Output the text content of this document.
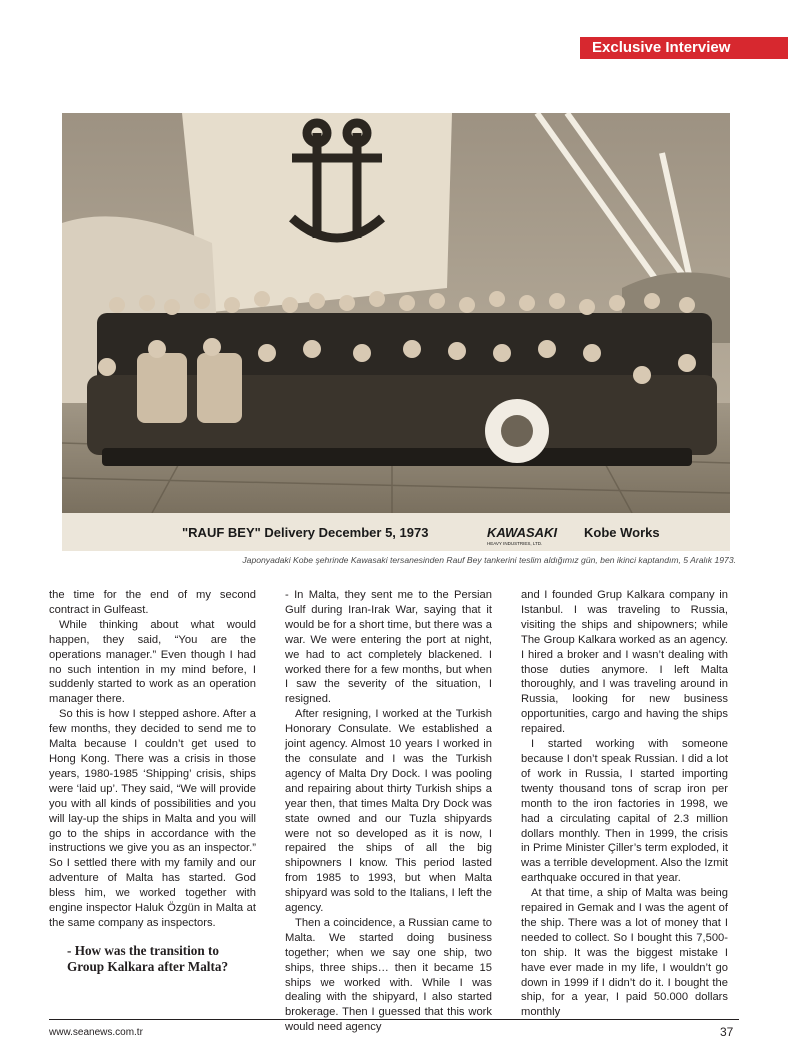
Exclusive Interview
"RAUF BEY" Delivery December 5, 1973	KAWASAKI
HEAVY INDUSTRIES, LTD.
Kobe Works
Japonyadaki Kobe şehrinde Kawasaki tersanesinden Rauf Bey tankerini teslim aldığımız gün, ben ikinci kaptandım, 5 Aralık 1973.

the time for the end of my second contract in Gulfeast.

While thinking about what would happen, they said, “You are the operations manager.” Even though I had no such intention in my mind before, I suddenly started to work as an operation manager there.

So this is how I stepped ashore. After a few months, they decided to send me to Malta because I couldn’t get used to Hong Kong. There was a crisis in those years, 1980-1985 ‘Shipping’ crisis, ships were ‘laid up’. They said, “We will provide you with all kinds of possibilities and you will lay-up the ships in Malta and you will go to the ships in accordance with the instructions we give you as an inspector.” So I settled there with my family and our adventure of Malta has started. God bless him, we worked together with engine inspector Haluk Özgün in Malta at the same company as inspectors.

- How was the transition to Group Kalkara after Malta?

- In Malta, they sent me to the Persian Gulf during Iran-Irak War, saying that it would be for a short time, but there was a war. We were entering the port at night, we had to act completely blackened. I worked there for a few months, but when I saw the severity of the situation, I resigned.

After resigning, I worked at the Turkish Honorary Consulate. We established a joint agency. Almost 10 years I worked in the consulate and I was the Turkish agency of Malta Dry Dock. I was pooling and repairing about thirty Turkish ships a year then, that times Malta Dry Dock was state owned and our Tuzla shipyards were not so developed as it is now, I repaired the ships of all the big shipowners I know. This period lasted from 1985 to 1993, but when Malta shipyard was sold to the Italians, I left the agency.

Then a coincidence, a Russian came to Malta. We started doing business together; when we say one ship, two ships, three ships… then it became 15 ships we worked with. While I was dealing with the shipyard, I also started brokerage. Then I guessed that this work would need agency

and I founded Grup Kalkara company in Istanbul. I was traveling to Russia, visiting the ships and shipowners; while The Group Kalkara worked as an agency. I hired a broker and I wasn’t dealing with those duties anymore. I left Malta thoroughly, and I was traveling around in Russia, looking for new business opportunities, cargo and having the ships repaired.

I started working with someone because I don’t speak Russian. I did a lot of work in Russia, I started importing twenty thousand tons of scrap iron per month to the iron factories in 1998, we had a circulating capital of 2.3 million dollars monthly. Then in 1999, the crisis in Prime Minister Çiller’s term exploded, it was a terrible development. Also the Izmit earthquake occured in that year.

At that time, a ship of Malta was being repaired in Gemak and I was the agent of the ship. There was a lot of money that I needed to collect. So I bought this 7,500-ton ship. It was the biggest mistake I have ever made in my life, I wouldn’t go down in 1999 if I didn’t do it. I bought the ship, for a year, I paid 50.000 dollars monthly

www.seanews.com.tr	37
